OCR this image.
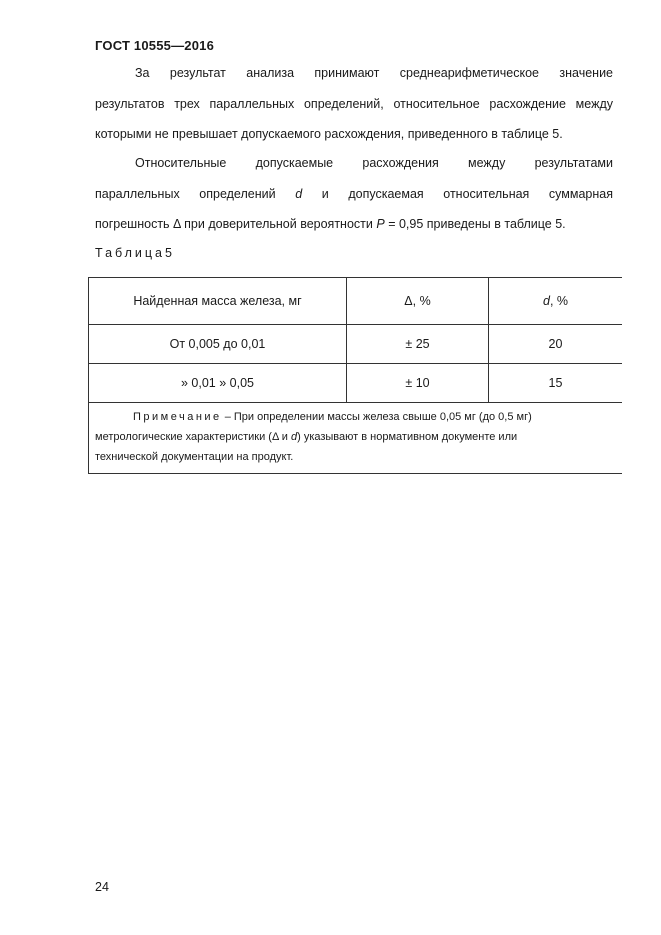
ГОСТ 10555—2016
За результат анализа принимают среднеарифметическое значение
результатов трех параллельных определений, относительное расхождение между
которыми не превышает допускаемого расхождения, приведенного в таблице 5.
Относительные допускаемые расхождения между результатами
параллельных определений d и допускаемая относительная суммарная
погрешность Δ при доверительной вероятности P = 0,95 приведены в таблице 5.
Таблица5
Найденная масса железа, мг	Δ, %	d, %
От 0,005 до 0,01	± 25	20
» 0,01 » 0,05	± 10	15
Примечание – При определении массы железа свыше 0,05 мг (до 0,5 мг)
метрологические характеристики (Δ и d) указывают в нормативном документе или
технической документации на продукт.
24
